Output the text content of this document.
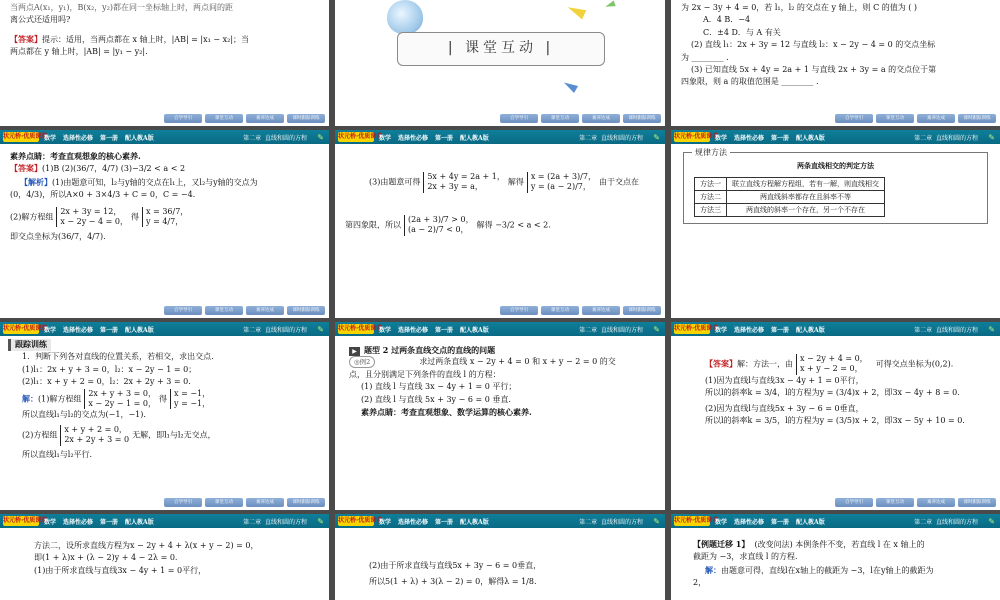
当两点A(x₁，y₁)，B(x₂，y₂)都在同一坐标轴上时，两点间的距
离公式还适用吗?
【答案】提示：适用，当两点都在 x 轴上时，|AB| = |x₁ − x₂|；当
两点都在 y 轴上时，|AB| = |y₁ − y₂|.
自学导引	课堂互动	素养达成	课时跟踪训练
| 课堂互动 |
自学导引	课堂互动	素养达成	课时跟踪训练
为 2x − 3y + 4 = 0，若 l₁，l₂ 的交点在 y 轴上，则 C 的值为 ( )
A．4 B．−4
C．±4 D．与 A 有关
(2) 直线 l₁：2x + 3y = 12 与直线 l₂：x − 2y − 4 = 0 的交点坐标
为 ________ .
(3) 已知直线 5x + 4y = 2a + 1 与直线 2x + 3y = a 的交点位于第
四象限，则 a 的取值范围是 ________ .
自学导引	课堂互动	素养达成	课时跟踪训练
状元桥·优质课堂
数学 选择性必修 第一册 配人教A版	第二章 直线和圆的方程 ✎
素养点睛：考查直观想象的核心素养.
【答案】(1)B (2)(36/7，4/7) (3)−3/2 < a < 2
【解析】(1)由题意可知，l₂与y轴的交点在l₁上，又l₂与y轴的交点为
(0，4/3)，所以A×0 + 3×4/3 + C = 0，C = −4.
(2)解方程组2x + 3y = 12，
x − 2y − 4 = 0，得x = 36/7，
y = 4/7，
即交点坐标为(36/7，4/7).
自学导引	课堂互动	素养达成	课时跟踪训练
状元桥·优质课堂
数学 选择性必修 第一册 配人教A版	第二章 直线和圆的方程 ✎
(3)由题意可得5x + 4y = 2a + 1，
2x + 3y = a，解得x = (2a + 3)/7，
y = (a − 2)/7，由于交点在
第四象限，所以(2a + 3)/7 > 0，
(a − 2)/7 < 0，解得 −3/2 < a < 2.
自学导引	课堂互动	素养达成	课时跟踪训练
状元桥·优质课堂
数学 选择性必修 第一册 配人教A版	第二章 直线和圆的方程 ✎
规律方法
两条直线相交的判定方法
方法一	联立直线方程解方程组，若有一解，则直线相交
方法二	两直线斜率都存在且斜率不等
方法三	两直线的斜率一个存在，另一个不存在
状元桥·优质课堂
数学 选择性必修 第一册 配人教A版	第二章 直线和圆的方程 ✎
跟踪训练
1．判断下列各对直线的位置关系，若相交，求出交点.
(1)l₁：2x + y + 3 = 0，l₂：x − 2y − 1 = 0；
(2)l₁：x + y + 2 = 0，l₂：2x + 2y + 3 = 0.
解：(1)解方程组2x + y + 3 = 0，
x − 2y − 1 = 0，得x = −1，
y = −1，
所以直线l₁与l₂的交点为(−1，−1).
(2)方程组x + y + 2 = 0，
2x + 2y + 3 = 0无解，即l₁与l₂无交点，
所以直线l₁与l₂平行.
自学导引	课堂互动	素养达成	课时跟踪训练
状元桥·优质课堂
数学 选择性必修 第一册 配人教A版	第二章 直线和圆的方程 ✎
▶ 题型 2 过两条直线交点的直线的问题
◎例2	求过两条直线 x − 2y + 4 = 0 和 x + y − 2 = 0 的交
点，且分别满足下列条件的直线 l 的方程：
(1) 直线 l 与直线 3x − 4y + 1 = 0 平行；
(2) 直线 l 与直线 5x + 3y − 6 = 0 垂直.
素养点睛：考查直观想象、数学运算的核心素养.
状元桥·优质课堂
数学 选择性必修 第一册 配人教A版	第二章 直线和圆的方程 ✎
【答案】解：方法一，由x − 2y + 4 = 0，
x + y − 2 = 0，  可得交点坐标为(0,2).
(1)因为直线l与直线3x − 4y + 1 = 0平行，
所以l的斜率k = 3/4，l的方程为y = (3/4)x + 2，即3x − 4y + 8 = 0.
(2)因为直线l与直线5x + 3y − 6 = 0垂直，
所以l的斜率k = 3/5，l的方程为y = (3/5)x + 2，即3x − 5y + 10 = 0.
自学导引	课堂互动	素养达成	课时跟踪训练
状元桥·优质课堂
数学 选择性必修 第一册 配人教A版	第二章 直线和圆的方程 ✎
方法二，设所求直线方程为x − 2y + 4 + λ(x + y − 2) = 0，
即(1 + λ)x + (λ − 2)y + 4 − 2λ = 0.
(1)由于所求直线与直线3x − 4y + 1 = 0平行，
状元桥·优质课堂
数学 选择性必修 第一册 配人教A版	第二章 直线和圆的方程 ✎
(2)由于所求直线与直线5x + 3y − 6 = 0垂直，
所以5(1 + λ) + 3(λ − 2) = 0，解得λ = 1/8.
状元桥·优质课堂
数学 选择性必修 第一册 配人教A版	第二章 直线和圆的方程 ✎
【例题迁移 1】 (改变问法) 本例条件不变，若直线 l 在 x 轴上的
截距为 −3，求直线 l 的方程.
解：由题意可得，直线l在x轴上的截距为 −3，l在y轴上的截距为
2，
